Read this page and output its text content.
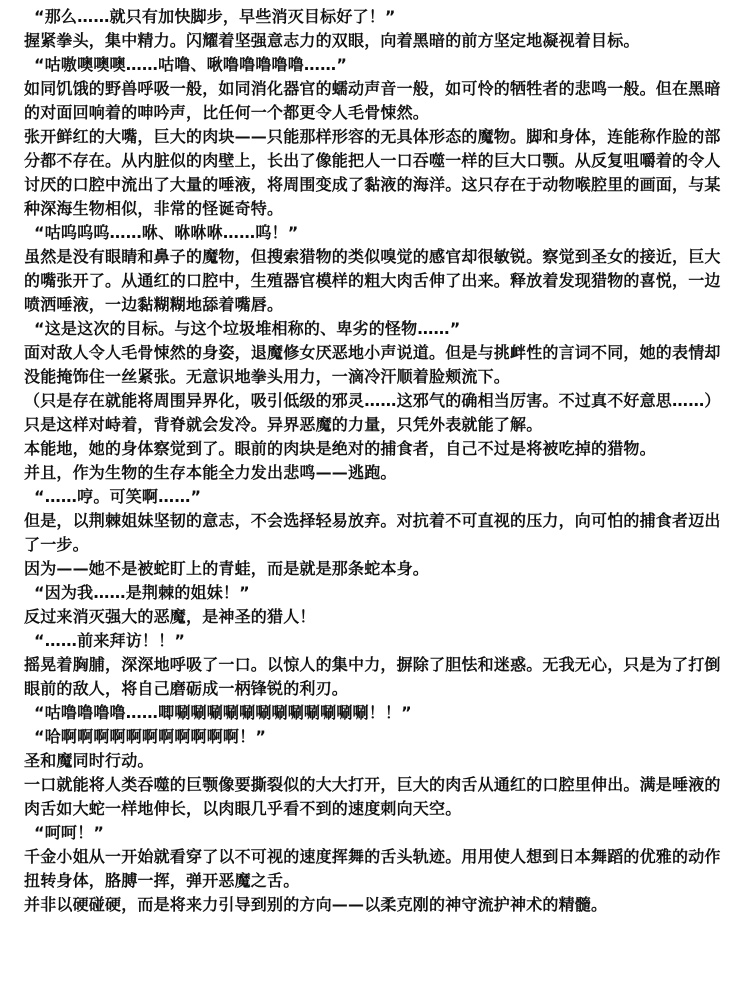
“那么……就只有加快脚步，早些消灭目标好了！”

握紧拳头，集中精力。闪耀着坚强意志力的双眼，向着黑暗的前方坚定地凝视着目标。

“咕嗷噢噢噢……咕噜、啾噜噜噜噜噜……”

如同饥饿的野兽呼吸一般，如同消化器官的蠕动声音一般，如可怜的牺牲者的悲鸣一般。但在黑暗的对面回响着的呻吟声，比任何一个都更令人毛骨悚然。

张开鲜红的大嘴，巨大的肉块——只能那样形容的无具体形态的魔物。脚和身体，连能称作脸的部分都不存在。从内脏似的肉壁上，长出了像能把人一口吞噬一样的巨大口颚。从反复咀嚼着的令人讨厌的口腔中流出了大量的唾液，将周围变成了黏液的海洋。这只存在于动物喉腔里的画面，与某种深海生物相似，非常的怪诞奇特。

“咕呜呜呜……咻、咻咻咻……呜！”

虽然是没有眼睛和鼻子的魔物，但搜索猎物的类似嗅觉的感官却很敏锐。察觉到圣女的接近，巨大的嘴张开了。从通红的口腔中，生殖器官模样的粗大肉舌伸了出来。释放着发现猎物的喜悦，一边喷洒唾液，一边黏糊糊地舔着嘴唇。

“这是这次的目标。与这个垃圾堆相称的、卑劣的怪物……”

面对敌人令人毛骨悚然的身姿，退魔修女厌恶地小声说道。但是与挑衅性的言词不同，她的表情却没能掩饰住一丝紧张。无意识地拳头用力，一滴冷汗顺着脸颊流下。

（只是存在就能将周围异界化，吸引低级的邪灵……这邪气的确相当厉害。不过真不好意思……）只是这样对峙着，背脊就会发冷。异界恶魔的力量，只凭外表就能了解。

本能地，她的身体察觉到了。眼前的肉块是绝对的捕食者，自己不过是将被吃掉的猎物。

并且，作为生物的生存本能全力发出悲鸣——逃跑。

“……哼。可笑啊……”

但是，以荆棘姐妹坚韧的意志，不会选择轻易放弃。对抗着不可直视的压力，向可怕的捕食者迈出了一步。

因为——她不是被蛇盯上的青蛙，而是就是那条蛇本身。

“因为我……是荆棘的姐妹！”

反过来消灭强大的恶魔，是神圣的猎人！

“……前来拜访！！”

摇晃着胸脯，深深地呼吸了一口。以惊人的集中力，摒除了胆怯和迷惑。无我无心，只是为了打倒眼前的敌人，将自己磨砺成一柄锋锐的利刃。

“咕噜噜噜噜……唧唰唰唰唰唰唰唰唰唰唰唰唰！！”

“哈啊啊啊啊啊啊啊啊啊啊啊！”

圣和魔同时行动。

一口就能将人类吞噬的巨颚像要撕裂似的大大打开，巨大的肉舌从通红的口腔里伸出。满是唾液的肉舌如大蛇一样地伸长，以肉眼几乎看不到的速度刺向天空。

“呵呵！”

千金小姐从一开始就看穿了以不可视的速度挥舞的舌头轨迹。用用使人想到日本舞蹈的优雅的动作扭转身体，胳膊一挥，弹开恶魔之舌。

并非以硬碰硬，而是将来力引导到别的方向——以柔克刚的神守流护神术的精髓。
